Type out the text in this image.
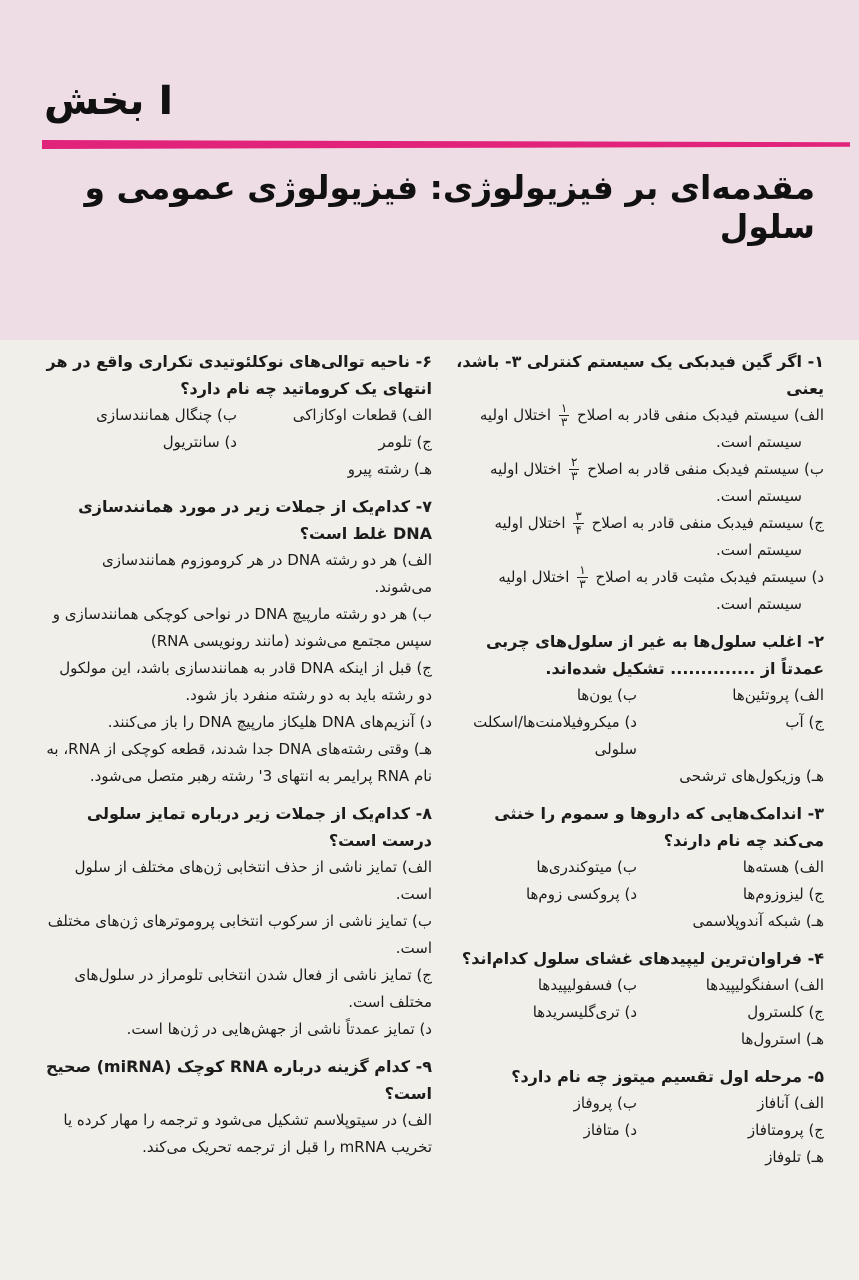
بخش I
مقدمه‌ای بر فیزیولوژی: فیزیولوژی عمومی و سلول
۱- اگر گین فیدبکی یک سیستم کنترلی ۳- باشد، یعنی
الف) سیستم فیدبک منفی قادر به اصلاح
$\frac{۱}{۳}$
اختلال اولیه
سیستم است.
ب) سیستم فیدبک منفی قادر به اصلاح
$\frac{۲}{۳}$
اختلال اولیه
سیستم است.
ج) سیستم فیدبک منفی قادر به اصلاح
$\frac{۳}{۴}$
اختلال اولیه
سیستم است.
د) سیستم فیدبک مثبت قادر به اصلاح
$\frac{۱}{۳}$
اختلال اولیه
سیستم است.
۲- اغلب سلول‌ها به غیر از سلول‌های چربی عمدتاً از .............. تشکیل شده‌اند.
الف) پروتئین‌ها
ب) یون‌ها
ج) آب
د) میکروفیلامنت‌ها/اسکلت سلولی
هـ) وزیکول‌های ترشحی
۳- اندامک‌هایی که داروها و سموم را خنثی می‌کند چه نام دارند؟
الف) هسته‌ها
ب) میتوکندری‌ها
ج) لیزوزوم‌ها
د) پروکسی زوم‌ها
هـ) شبکه آندوپلاسمی
۴- فراوان‌ترین لیپیدهای غشای سلول کدام‌اند؟
الف) اسفنگولیپیدها
ب) فسفولیپیدها
ج) کلسترول
د) تری‌گلیسریدها
هـ) استرول‌ها
۵- مرحله اول تقسیم میتوز چه نام دارد؟
الف) آنافاز
ب) پروفاز
ج) پرومتافاز
د) متافاز
هـ) تلوفاز
۶- ناحیه توالی‌های نوکلئوتیدی تکراری واقع در هر انتهای یک کروماتید چه نام دارد؟
الف) قطعات اوکازاکی
ب) چنگال همانندسازی
ج) تلومر
د) سانتریول
هـ) رشته پیرو
۷- کدام‌یک از جملات زیر در مورد همانندسازی DNA غلط است؟
الف) هر دو رشته DNA در هر کروموزوم همانندسازی می‌شوند.
ب) هر دو رشته مارپیچ DNA در نواحی کوچکی همانندسازی و سپس مجتمع می‌شوند (مانند رونویسی RNA)
ج) قبل از اینکه DNA قادر به همانندسازی باشد، این مولکول دو رشته باید به دو رشته منفرد باز شود.
د) آنزیم‌های DNA هلیکاز مارپیچ DNA را باز می‌کنند.
هـ) وقتی رشته‌های DNA جدا شدند، قطعه کوچکی از RNA، به نام RNA پرایمر به انتهای 3' رشته رهبر متصل می‌شود.
۸- کدام‌یک از جملات زیر درباره تمایز سلولی درست است؟
الف) تمایز ناشی از حذف انتخابی ژن‌های مختلف از سلول است.
ب) تمایز ناشی از سرکوب انتخابی پروموترهای ژن‌های مختلف است.
ج) تمایز ناشی از فعال شدن انتخابی تلومراز در سلول‌های مختلف است.
د) تمایز عمدتاً ناشی از جهش‌هایی در ژن‌ها است.
۹- کدام گزینه درباره RNA کوچک (miRNA) صحیح است؟
الف) در سیتوپلاسم تشکیل می‌شود و ترجمه را مهار کرده یا تخریب mRNA را قبل از ترجمه تحریک می‌کند.
